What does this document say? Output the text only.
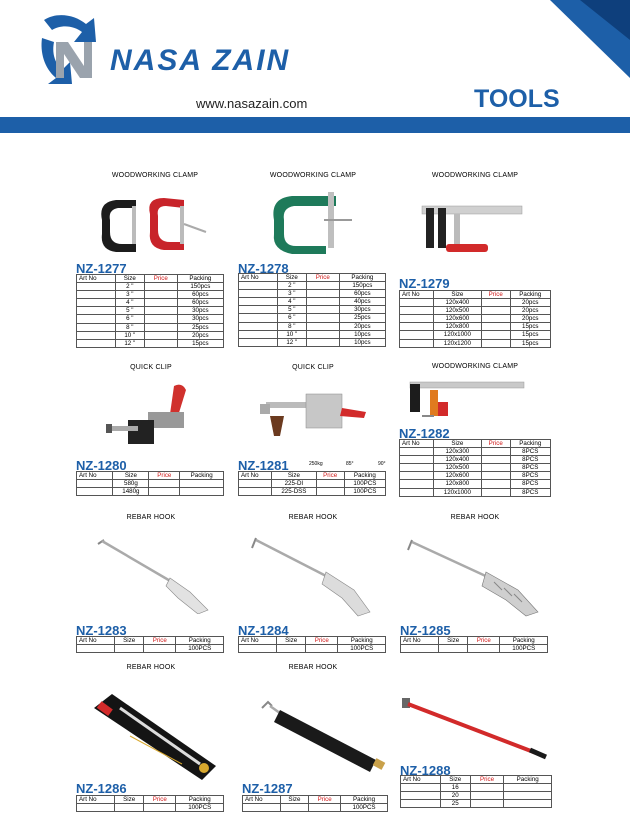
NASA ZAIN
www.nasazain.com	TOOLS
WOODWORKING CLAMP
NZ-1277
Art No	Size	Price	Packing
	2 "		150pcs
	3 "		60pcs
	4 "		60pcs
	5 "		30pcs
	6 "		30pcs
	8 "		25pcs
	10 "		20pcs
	12 "		15pcs
WOODWORKING CLAMP
NZ-1278
Art No	Size	Price	Packing
	2 "		150pcs
	3 "		60pcs
	4 "		40pcs
	5 "		30pcs
	6 "		25pcs
	8 "		20pcs
	10 "		10pcs
	12 "		10pcs
WOODWORKING CLAMP
NZ-1279
Art No	Size	Price	Packing
	120x400		20pcs
	120x500		20pcs
	120x600		20pcs
	120x800		15pcs
	120x1000		15pcs
	120x1200		15pcs
QUICK CLIP
NZ-1280
Art No	Size	Price	Packing
	580g		
	1480g		
QUICK CLIP
NZ-1281	250kg	85°	90°
Art No	Size	Price	Packing
	225-DI		100PCS
	225-DSS		100PCS
WOODWORKING CLAMP
NZ-1282
Art No	Size	Price	Packing
	120x300		8PCS
	120x400		8PCS
	120x500		8PCS
	120x600		8PCS
	120x800		8PCS
	120x1000		8PCS
REBAR HOOK
NZ-1283
Art No	Size	Price	Packing
			100PCS
REBAR HOOK
NZ-1284
Art No	Size	Price	Packing
			100PCS
REBAR HOOK
NZ-1285
Art No	Size	Price	Packing
			100PCS
REBAR HOOK
NZ-1286
Art No	Size	Price	Packing
			100PCS
REBAR HOOK
NZ-1287
Art No	Size	Price	Packing
			100PCS
NZ-1288
Art No	Size	Price	Packing
	16		
	20		
	25		
